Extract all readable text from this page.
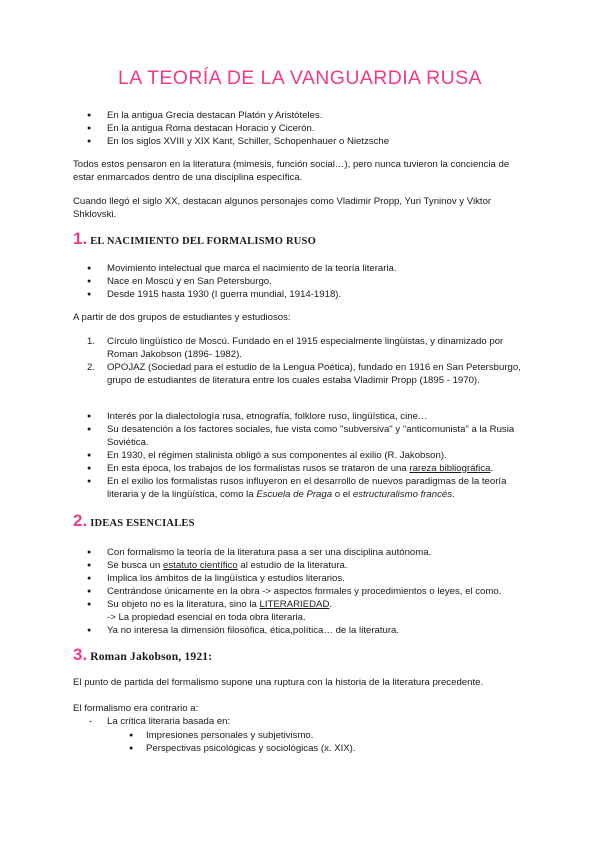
LA TEORÍA DE LA VANGUARDIA RUSA
● En la antigua Grecia destacan Platón y Aristóteles.
● En la antigua Roma destacan Horacio y Cicerón.
● En los siglos XVIII y XIX Kant, Schiller, Schopenhauer o Nietzsche

Todos estos pensaron en la literatura (mimesis, función social…), pero nunca tuvieron la conciencia de estar enmarcados dentro de una disciplina específica.

Cuando llegó el siglo XX, destacan algunos personajes como Vladimir Propp, Yuri Tyninov y Viktor Shklovski.

1. EL NACIMIENTO DEL FORMALISMO RUSO
● Movimiento intelectual que marca el nacimiento de la teoría literaria.
● Nace en Moscú y en San Petersburgo.
● Desde 1915 hasta 1930 (I guerra mundial, 1914-1918).

A partir de dos grupos de estudiantes y estudiosos:

1. Círculo lingüístico de Moscú. Fundado en el 1915 especialmente lingüistas, y dinamizado por Roman Jakobson (1896- 1982).
2. OPOJAZ (Sociedad para el estudio de la Lengua Poética), fundado en 1916 en San Petersburgo, grupo de estudiantes de literatura entre los cuales estaba Vladimir Propp (1895 - 1970).
● Interés por la dialectología rusa, etnografía, folklore ruso, lingüística, cine…
● Su desatención a los factores sociales, fue vista como "subversiva" y "anticomunista" a la Rusia Soviética.
● En 1930, el régimen stalinista obligó a sus componentes al exilio (R. Jakobson).
● En esta época, los trabajos de los formalistas rusos se trataron de una rareza bibliográfica.
● En el exilio los formalistas rusos influyeron en el desarrollo de nuevos paradigmas de la teoría literaria y de la lingüística, como la Escuela de Praga o el estructuralismo francés.
2. IDEAS ESENCIALES
● Con formalismo la teoría de la literatura pasa a ser una disciplina autónoma.
● Se busca un estatuto científico al estudio de la literatura.
● Implica los ámbitos de la lingüística y estudios literarios.
● Centrándose únicamente en la obra -> aspectos formales y procedimientos o leyes, el como.
● Su objeto no es la literatura, sino la LITERARIEDAD.
-> La propiedad esencial en toda obra literaria.
● Ya no interesa la dimensión filosófica, ética,política… de la literatura.
3. Roman Jakobson, 1921:

El punto de partida del formalismo supone una ruptura con la historia de la literatura precedente.

El formalismo era contrario a:

- La crítica literaria basada en:
● Impresiones personales y subjetivismo.
● Perspectivas psicológicas y sociológicas (x. XIX).
